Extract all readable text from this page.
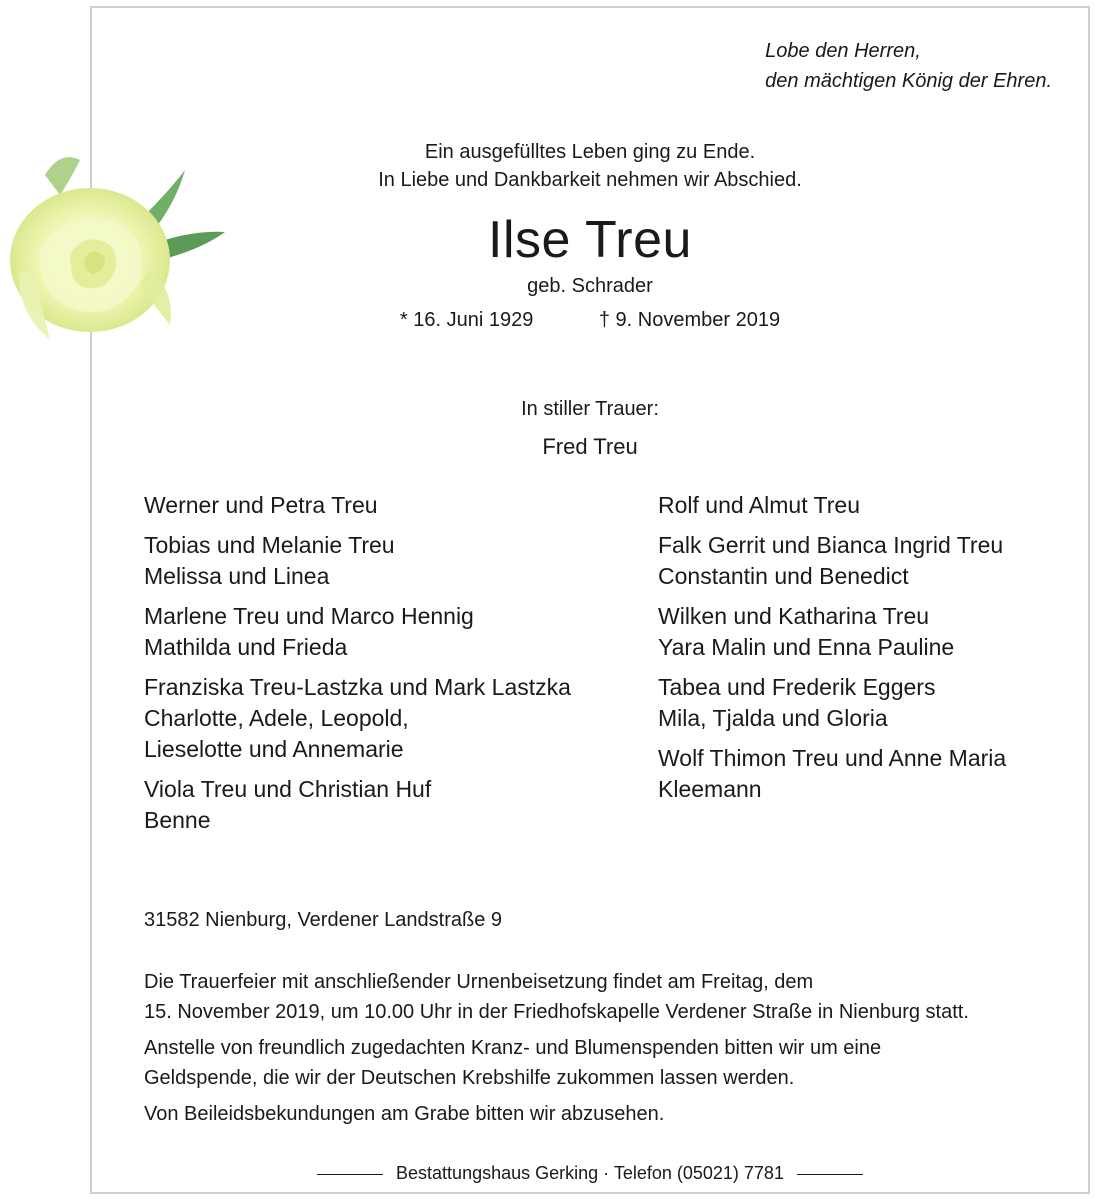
Lobe den Herren,
den mächtigen König der Ehren.
Ein ausgefülltes Leben ging zu Ende.
In Liebe und Dankbarkeit nehmen wir Abschied.
Ilse Treu
geb. Schrader
* 16. Juni 1929	† 9. November 2019
In stiller Trauer:
Fred Treu
Werner und Petra Treu
Tobias und Melanie Treu
Melissa und Linea
Marlene Treu und Marco Hennig
Mathilda und Frieda
Franziska Treu-Lastzka und Mark Lastzka
Charlotte, Adele, Leopold,
Lieselotte und Annemarie
Viola Treu und Christian Huf
Benne
Rolf und Almut Treu
Falk Gerrit und Bianca Ingrid Treu
Constantin und Benedict
Wilken und Katharina Treu
Yara Malin und Enna Pauline
Tabea und Frederik Eggers
Mila, Tjalda und Gloria
Wolf Thimon Treu und Anne Maria
Kleemann
31582 Nienburg, Verdener Landstraße 9

Die Trauerfeier mit anschließender Urnenbeisetzung findet am Freitag, dem
15. November 2019, um 10.00 Uhr in der Friedhofskapelle Verdener Straße in Nienburg statt.

Anstelle von freundlich zugedachten Kranz- und Blumenspenden bitten wir um eine
Geldspende, die wir der Deutschen Krebshilfe zukommen lassen werden.

Von Beileidsbekundungen am Grabe bitten wir abzusehen.

Bestattungshaus Gerking · Telefon (05021) 7781
